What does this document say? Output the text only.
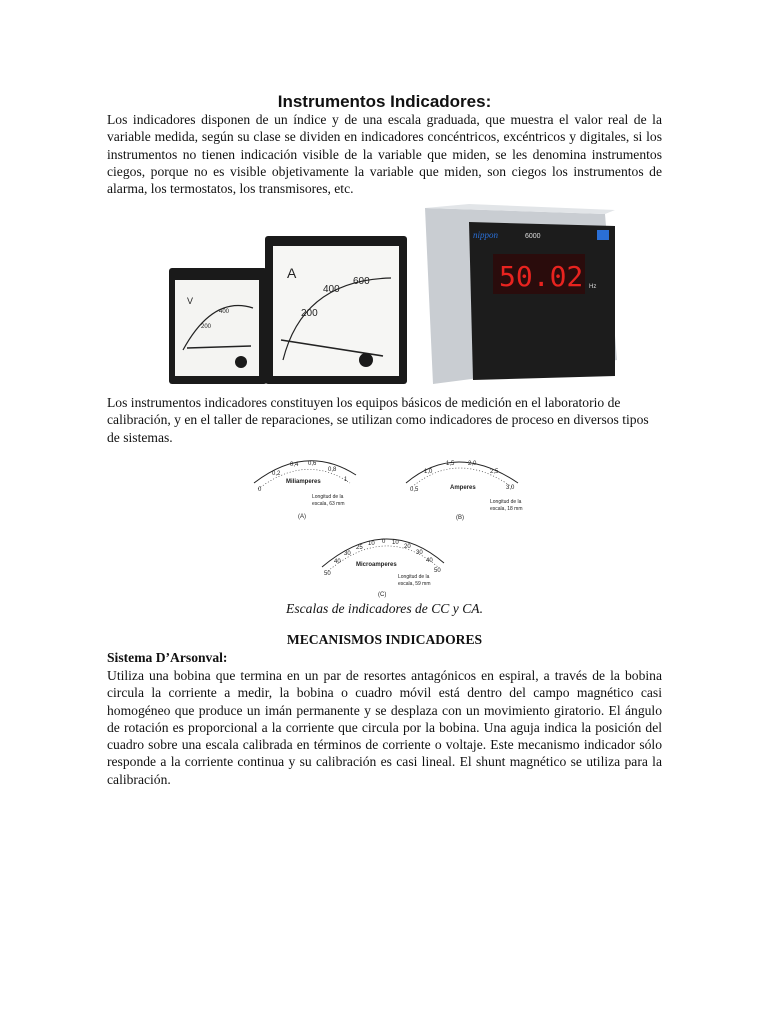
Instrumentos Indicadores:

Los indicadores disponen de un índice y de una escala graduada, que muestra el valor real de la variable medida, según su clase se dividen en indicadores concéntricos, excéntricos y digitales, si los instrumentos no tienen indicación visible de la variable que miden, se les denomina instrumentos ciegos, porque no es visible objetivamente la variable que miden, son ciegos los instrumentos de alarma, los termostatos, los transmisores, etc.

Los instrumentos indicadores constituyen los equipos básicos de medición en el laboratorio de calibración, y en el taller de reparaciones, se utilizan como indicadores de proceso en diversos tipos de sistemas.

Escalas de indicadores de CC y CA.

MECANISMOS INDICADORES
Sistema D’Arsonval:

Utiliza una bobina que termina en un par de resortes antagónicos en espiral, a través de la bobina circula la corriente a medir, la bobina o cuadro móvil está dentro del campo magnético casi homogéneo que produce un imán permanente y se desplaza con un movimiento giratorio. El ángulo de rotación es proporcional a la corriente que circula por la bobina. Una aguja indica la posición del cuadro sobre una escala calibrada en términos de corriente o voltaje. Este mecanismo indicador sólo responde a la corriente continua y su calibración es casi lineal. El shunt magnético se utiliza para la calibración.

V
200
400
A
200
400
600	50.02 Hz
nippon	6000
0
0,2
0,4 0,6
0,8
1
Miliamperes
Longitud de la
escala, 63 mm
(A)
0,5
1,0
1,5 2,0
2,5
3,0
Amperes
Longitud de la
escala, 18 mm
(B)
50
40
30
25
10 0 10
20
30
40
50
Microamperes
Longitud de la
escala, 59 mm
(C)
